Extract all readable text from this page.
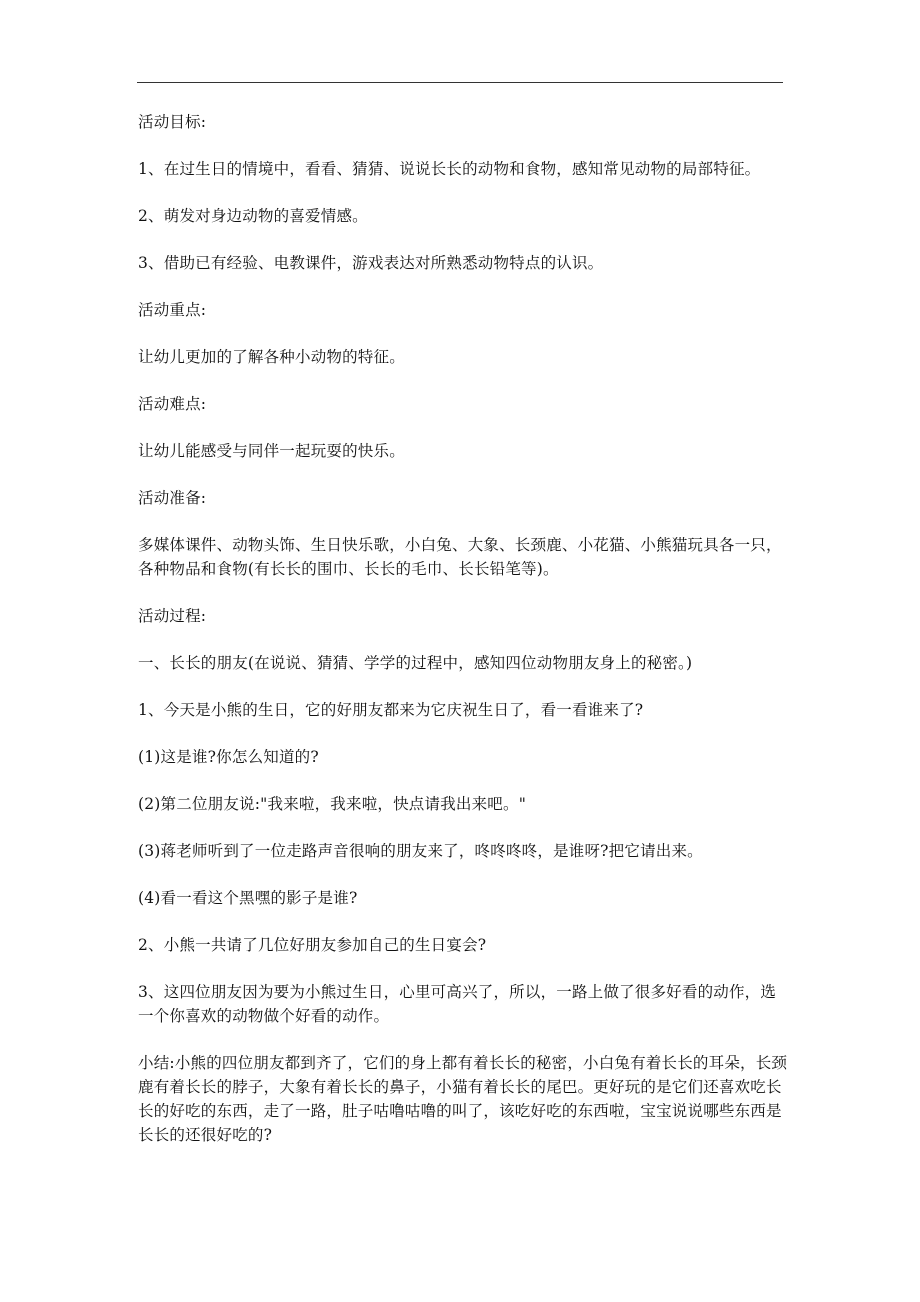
活动目标:

1、在过生日的情境中，看看、猜猜、说说长长的动物和食物，感知常见动物的局部特征。

2、萌发对身边动物的喜爱情感。

3、借助已有经验、电教课件，游戏表达对所熟悉动物特点的认识。

活动重点:

让幼儿更加的了解各种小动物的特征。

活动难点:

让幼儿能感受与同伴一起玩耍的快乐。

活动准备:

多媒体课件、动物头饰、生日快乐歌，小白兔、大象、长颈鹿、小花猫、小熊猫玩具各一只，各种物品和食物(有长长的围巾、长长的毛巾、长长铅笔等)。

活动过程:

一、长长的朋友(在说说、猜猜、学学的过程中，感知四位动物朋友身上的秘密。)

1、今天是小熊的生日，它的好朋友都来为它庆祝生日了，看一看谁来了?

(1)这是谁?你怎么知道的?

(2)第二位朋友说:"我来啦，我来啦，快点请我出来吧。"

(3)蒋老师听到了一位走路声音很响的朋友来了，咚咚咚咚，是谁呀?把它请出来。

(4)看一看这个黑嘿的影子是谁?

2、小熊一共请了几位好朋友参加自己的生日宴会?

3、这四位朋友因为要为小熊过生日，心里可高兴了，所以，一路上做了很多好看的动作，选一个你喜欢的动物做个好看的动作。

小结:小熊的四位朋友都到齐了，它们的身上都有着长长的秘密，小白兔有着长长的耳朵，长颈鹿有着长长的脖子，大象有着长长的鼻子，小猫有着长长的尾巴。更好玩的是它们还喜欢吃长长的好吃的东西，走了一路，肚子咕噜咕噜的叫了，该吃好吃的东西啦，宝宝说说哪些东西是长长的还很好吃的?
